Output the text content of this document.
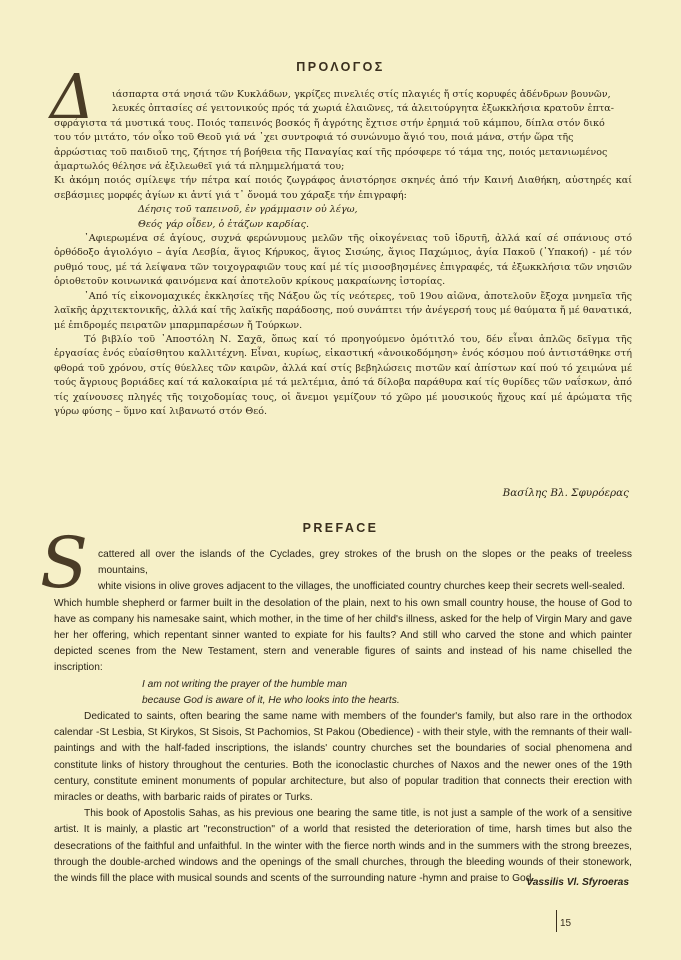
ΠΡΟΛΟΓΟΣ
Δ	ιάσπαρτα στά νησιά τῶν Κυκλάδων, γκρίζες πινελιές στίς πλαγιές ἤ στίς κορυφές ἀδένδρων βουνῶν,

λευκές ὀπτασίες σέ γειτονικούς πρός τά χωριά ἐλαιῶνες, τά ἀλειτούργητα ἐξωκκλήσια κρατοῦν ἑπτα-

σφράγιστα τά μυστικά τους. Ποιός ταπεινός βοσκός ἤ ἀγρότης ἔχτισε στήν ἐρημιά τοῦ κάμπου, δίπλα στόν δικό

του τόν μιτάτο, τόν οἶκο τοῦ Θεοῦ γιά νά ᾽χει συντροφιά τό συνώνυμο ἅγιό του, ποιά μάνα, στήν ὥρα τῆς

ἀρρώστιας τοῦ παιδιοῦ της, ζήτησε τή βοήθεια τῆς Παναγίας καί τῆς πρόσφερε τό τάμα της, ποιός μετανιωμένος

ἁμαρτωλός θέλησε νά ἐξιλεωθεῖ γιά τά πλημμελήματά του;

Κι ἀκόμη ποιός σμίλεψε τήν πέτρα καί ποιός ζωγράφος ἀνιστόρησε σκηνές ἀπό τήν Καινή Διαθήκη, αὐστηρές καί σεβάσμιες μορφές ἁγίων κι ἀντί γιά τ᾽ ὄνομά του χάραξε τήν ἐπιγραφή:

Δέησις τοῦ ταπεινοῦ, ἐν γράμμασιν οὐ λέγω,

Θεός γάρ οἶδεν, ὁ ἐτάζων καρδίας.

᾽Αφιερωμένα σέ ἁγίους, συχνά φερώνυμους μελῶν τῆς οἰκογένειας τοῦ ἱδρυτῆ, ἀλλά καί σέ σπάνιους στό ὀρθόδοξο ἁγιολόγιο – ἁγία Λεσβία, ἅγιος Κήρυκος, ἅγιος Σισώης, ἅγιος Παχώμιος, ἁγία Πακοῦ (῾Υπακοή) - μέ τόν ρυθμό τους, μέ τά λείψανα τῶν τοιχογραφιῶν τους καί μέ τίς μισοσβησμένες ἐπιγραφές, τά ἐξωκκλήσια τῶν νησιῶν ὁριοθετοῦν κοινωνικά φαινόμενα καί ἀποτελοῦν κρίκους μακραίωνης ἱστορίας.

᾽Από τίς εἰκονομαχικές ἐκκλησίες τῆς Νάξου ὥς τίς νεότερες, τοῦ 19ου αἰῶνα, ἀποτελοῦν ἔξοχα μνημεῖα τῆς λαϊκῆς ἀρχιτεκτονικῆς, ἀλλά καί τῆς λαϊκῆς παράδοσης, πού συνάπτει τήν ἀνέγερσή τους μέ θαύματα ἤ μέ θανατικά, μέ ἐπιδρομές πειρατῶν μπαρμπαρέσων ἤ Τούρκων.

Τό βιβλίο τοῦ ᾽Αποστόλη Ν. Σαχᾶ, ὅπως καί τό προηγούμενο ὁμότιτλό του, δέν εἶναι ἁπλῶς δεῖγμα τῆς ἐργασίας ἑνός εὐαίσθητου καλλιτέχνη. Εἶναι, κυρίως, εἰκαστική «ἀνοικοδόμηση» ἑνός κόσμου πού ἀντιστάθηκε στή φθορά τοῦ χρόνου, στίς θύελλες τῶν καιρῶν, ἀλλά καί στίς βεβηλώσεις πιστῶν καί ἀπίστων καί πού τό χειμώνα μέ τούς ἄγριους βοριάδες καί τά καλοκαίρια μέ τά μελτέμια, ἀπό τά δίλοβα παράθυρα καί τίς θυρίδες τῶν ναΐσκων, ἀπό τίς χαίνουσες πληγές τῆς τοιχοδομίας τους, οἱ ἄνεμοι γεμίζουν τό χῶρο μέ μουσικούς ἤχους καί μέ ἀρώματα τῆς γύρω φύσης – ὕμνο καί λιβανωτό στόν Θεό.

Βασίλης Βλ. Σφυρόερας
PREFACE
S cattered all over the islands of the Cyclades, grey strokes of the brush on the slopes or the peaks of treeless mountains,

white visions in olive groves adjacent to the villages, the unofficiated country churches keep their secrets well-sealed.

Which humble shepherd or farmer built in the desolation of the plain, next to his own small country house, the house of God to have as company his namesake saint, which mother, in the time of her child's illness, asked for the help of Virgin Mary and gave her her offering, which repentant sinner wanted to expiate for his faults? And still who carved the stone and which painter depicted scenes from the New Testament, stern and venerable figures of saints and instead of his name chiselled the inscription:

I am not writing the prayer of the humble man

because God is aware of it, He who looks into the hearts.

Dedicated to saints, often bearing the same name with members of the founder's family, but also rare in the orthodox calendar -St Lesbia, St Kirykos, St Sisois, St Pachomios, St Pakou (Obedience) - with their style, with the remnants of their wall-paintings and with the half-faded inscriptions, the islands' country churches set the boundaries of social phenomena and constitute links of history throughout the centuries. Both the iconoclastic churches of Naxos and the newer ones of the 19th century, constitute eminent monuments of popular architecture, but also of popular tradition that connects their erection with miracles or deaths, with barbaric raids of pirates or Turks.

This book of Apostolis Sahas, as his previous one bearing the same title, is not just a sample of the work of a sensitive artist. It is mainly, a plastic art "reconstruction" of a world that resisted the deterioration of time, harsh times but also the desecrations of the faithful and unfaithful. In the winter with the fierce north winds and in the summers with the strong breezes, through the double-arched windows and the openings of the small churches, through the bleeding wounds of their stonework, the winds fill the place with musical sounds and scents of the surrounding nature -hymn and praise to God.

Vassilis Vl. Sfyroeras
15
